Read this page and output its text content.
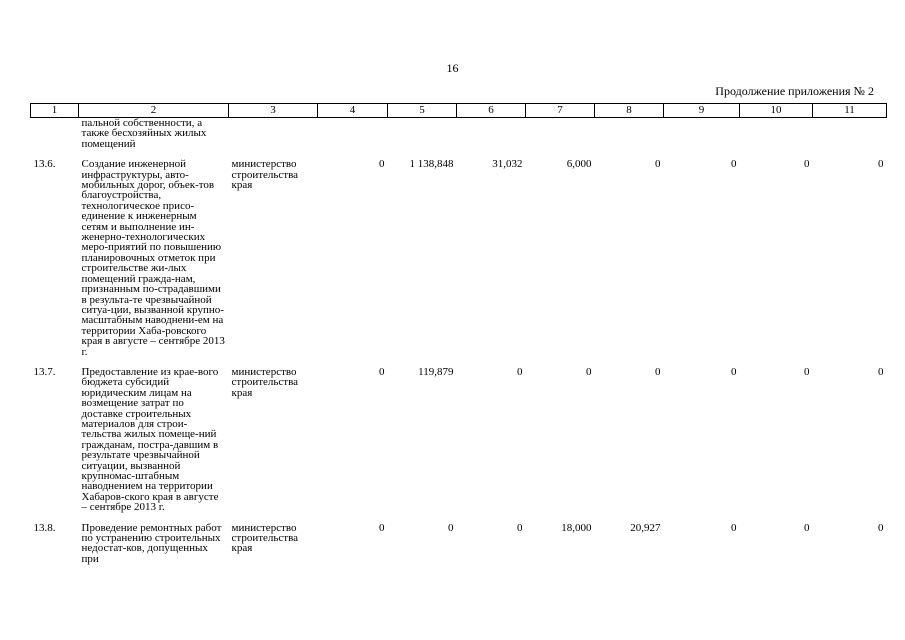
16
Продолжение приложения № 2
1	2	3	4	5	6	7	8	9	10	11
	пальной собственности, а также бесхозяйных жилых помещений									
13.6.	Создание инженерной инфраструктуры, авто-мобильных дорог, объек-тов благоустройства, технологическое присо-единение к инженерным сетям и выполнение ин-женерно-технологических меро-приятий по повышению планировочных отметок при строительстве жи-лых помещений гражда-нам, признанным по-страдавшими в результа-те чрезвычайной ситуа-ции, вызванной крупно-масштабным наводнени-ем на территории Хаба-ровского края в августе – сентябре 2013 г.	министерство строительства края	0	1 138,848	31,032	6,000	0	0	0	0
13.7.	Предоставление из крае-вого бюджета субсидий юридическим лицам на возмещение затрат по доставке строительных материалов для строи-тельства жилых помеще-ний гражданам, постра-давшим в результате чрезвычайной ситуации, вызванной крупномас-штабным наводнением на территории Хабаров-ского края в августе – сентябре 2013 г.	министерство строительства края	0	119,879	0	0	0	0	0	0
13.8.	Проведение ремонтных работ по устранению строительных недостат-ков, допущенных при	министерство строительства края	0	0	0	18,000	20,927	0	0	0
